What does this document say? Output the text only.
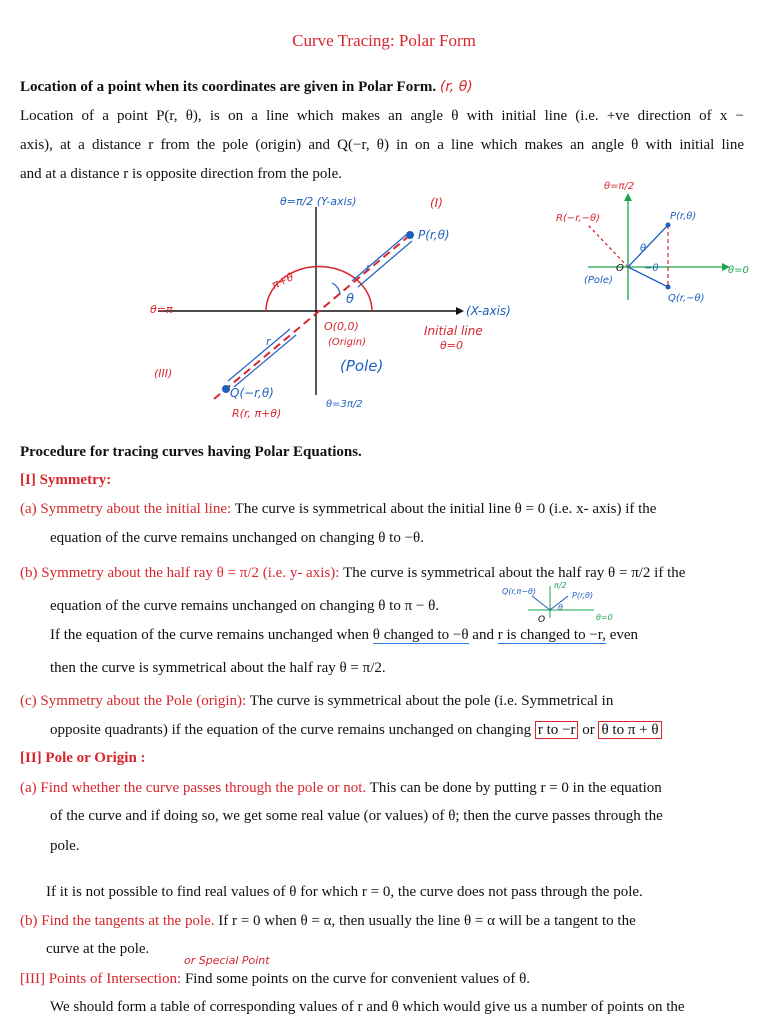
Curve Tracing: Polar Form
Location of a point when its coordinates are given in Polar Form. (r, θ)
Location of a point P(r, θ), is on a line which makes an angle θ with initial line (i.e. +ve direction of x −
axis), at a distance r from the pole (origin) and Q(−r, θ) in on a line which makes an angle θ with initial line
and at a distance r is opposite direction from the pole.
θ=π/2 (Y-axis)	(I)
P(r,θ)
r
r
π+θ
θ=π
θ
(X-axis)
Initial line
θ=0
O(0,0)
(Origin)
(Pole)
(III)
Q(−r,θ)
R(r, π+θ)
θ=3π/2
θ=π/2
R(−r,−θ)	P(r,θ)
θ
−θ
O
(Pole)
θ=0
Q(r,−θ)
Procedure for tracing curves having Polar Equations.
[I] Symmetry:
(a) Symmetry about the initial line: The curve is symmetrical about the initial line θ = 0 (i.e. x- axis) if the
equation of the curve remains unchanged on changing θ to −θ.
(b) Symmetry about the half ray θ = π/2 (i.e. y- axis): The curve is symmetrical about the half ray θ = π/2 if the
equation of the curve remains unchanged on changing θ to π − θ.
Q(r,π−θ)
π/2
P(r,θ)
θ
O	θ=0
If the equation of the curve remains unchanged when θ changed to −θ and r is changed to −r, even
then the curve is symmetrical about the half ray θ = π/2.
(c) Symmetry about the Pole (origin): The curve is symmetrical about the pole (i.e. Symmetrical in
opposite quadrants) if the equation of the curve remains unchanged on changing r to −r or θ to π + θ
[II] Pole or Origin :
(a) Find whether the curve passes through the pole or not. This can be done by putting r = 0 in the equation
of the curve and if doing so, we get some real value (or values) of θ; then the curve passes through the
pole.
If it is not possible to find real values of θ for which r = 0, the curve does not pass through the pole.
(b) Find the tangents at the pole. If r = 0 when θ = α, then usually the line θ = α will be a tangent to the
curve at the pole.
or Special Point
[III] Points of Intersection: Find some points on the curve for convenient values of θ.
We should form a table of corresponding values of r and θ which would give us a number of points on the
